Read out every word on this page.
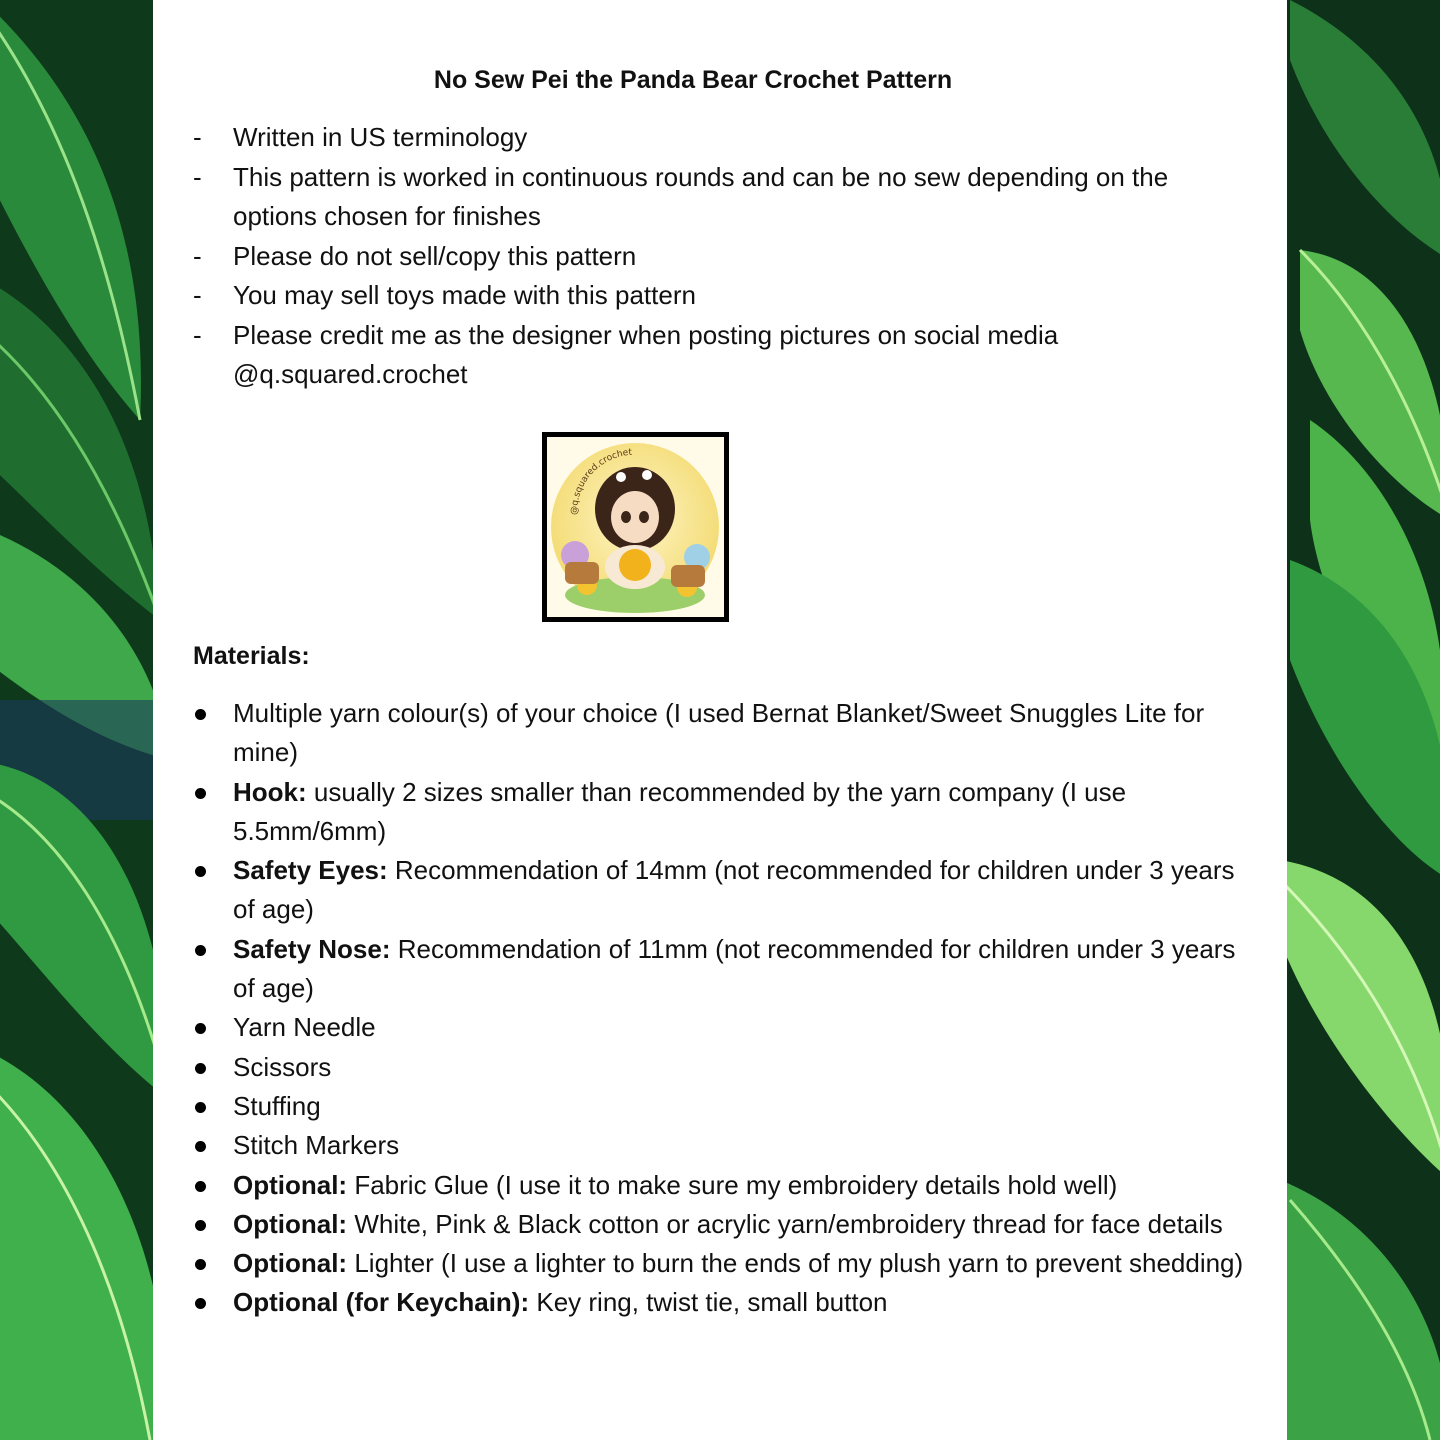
No Sew Pei the Panda Bear Crochet Pattern
- Written in US terminology
- This pattern is worked in continuous rounds and can be no sew depending on the options chosen for finishes
- Please do not sell/copy this pattern
- You may sell toys made with this pattern
- Please credit me as the designer when posting pictures on social media @q.squared.crochet
@q.squared.crochet
Materials:
Multiple yarn colour(s) of your choice (I used Bernat Blanket/Sweet Snuggles Lite for mine)
Hook: usually 2 sizes smaller than recommended by the yarn company (I use 5.5mm/6mm)
Safety Eyes: Recommendation of 14mm (not recommended for children under 3 years of age)
Safety Nose: Recommendation of 11mm (not recommended for children under 3 years of age)
Yarn Needle
Scissors
Stuffing
Stitch Markers
Optional: Fabric Glue (I use it to make sure my embroidery details hold well)
Optional: White, Pink & Black cotton or acrylic yarn/embroidery thread for face details
Optional: Lighter (I use a lighter to burn the ends of my plush yarn to prevent shedding)
Optional (for Keychain): Key ring, twist tie, small button
